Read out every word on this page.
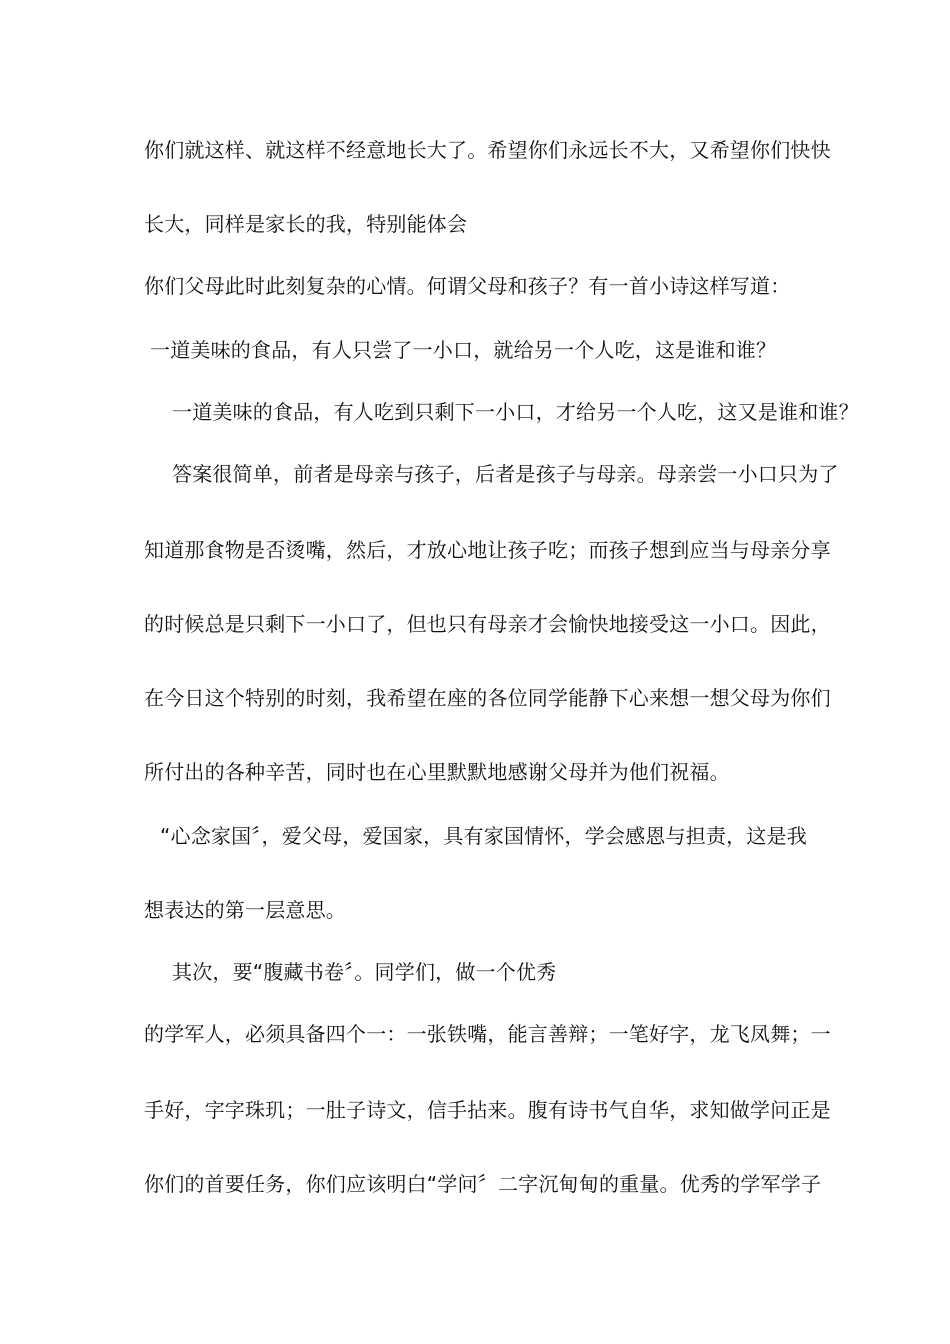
你们就这样、就这样不经意地长大了。希望你们永远长不大，又希望你们快快
长大，同样是家长的我，特别能体会
你们父母此时此刻复杂的心情。何谓父母和孩子？有一首小诗这样写道：
一道美味的食品，有人只尝了一小口，就给另一个人吃，这是谁和谁？
一道美味的食品，有人吃到只剩下一小口，才给另一个人吃，这又是谁和谁？
答案很简单，前者是母亲与孩子，后者是孩子与母亲。母亲尝一小口只为了
知道那食物是否烫嘴，然后，才放心地让孩子吃；而孩子想到应当与母亲分享
的时候总是只剩下一小口了，但也只有母亲才会愉快地接受这一小口。因此，
在今日这个特别的时刻，我希望在座的各位同学能静下心来想一想父母为你们
所付出的各种辛苦，同时也在心里默默地感谢父母并为他们祝福。
“心念家国〞，爱父母，爱国家，具有家国情怀，学会感恩与担责，这是我
想表达的第一层意思。
其次，要“腹藏书卷〞。同学们，做一个优秀
的学军人，必须具备四个一：一张铁嘴，能言善辩；一笔好字，龙飞凤舞；一
手好，字字珠玑；一肚子诗文，信手拈来。腹有诗书气自华，求知做学问正是
你们的首要任务，你们应该明白“学问〞二字沉甸甸的重量。优秀的学军学子
